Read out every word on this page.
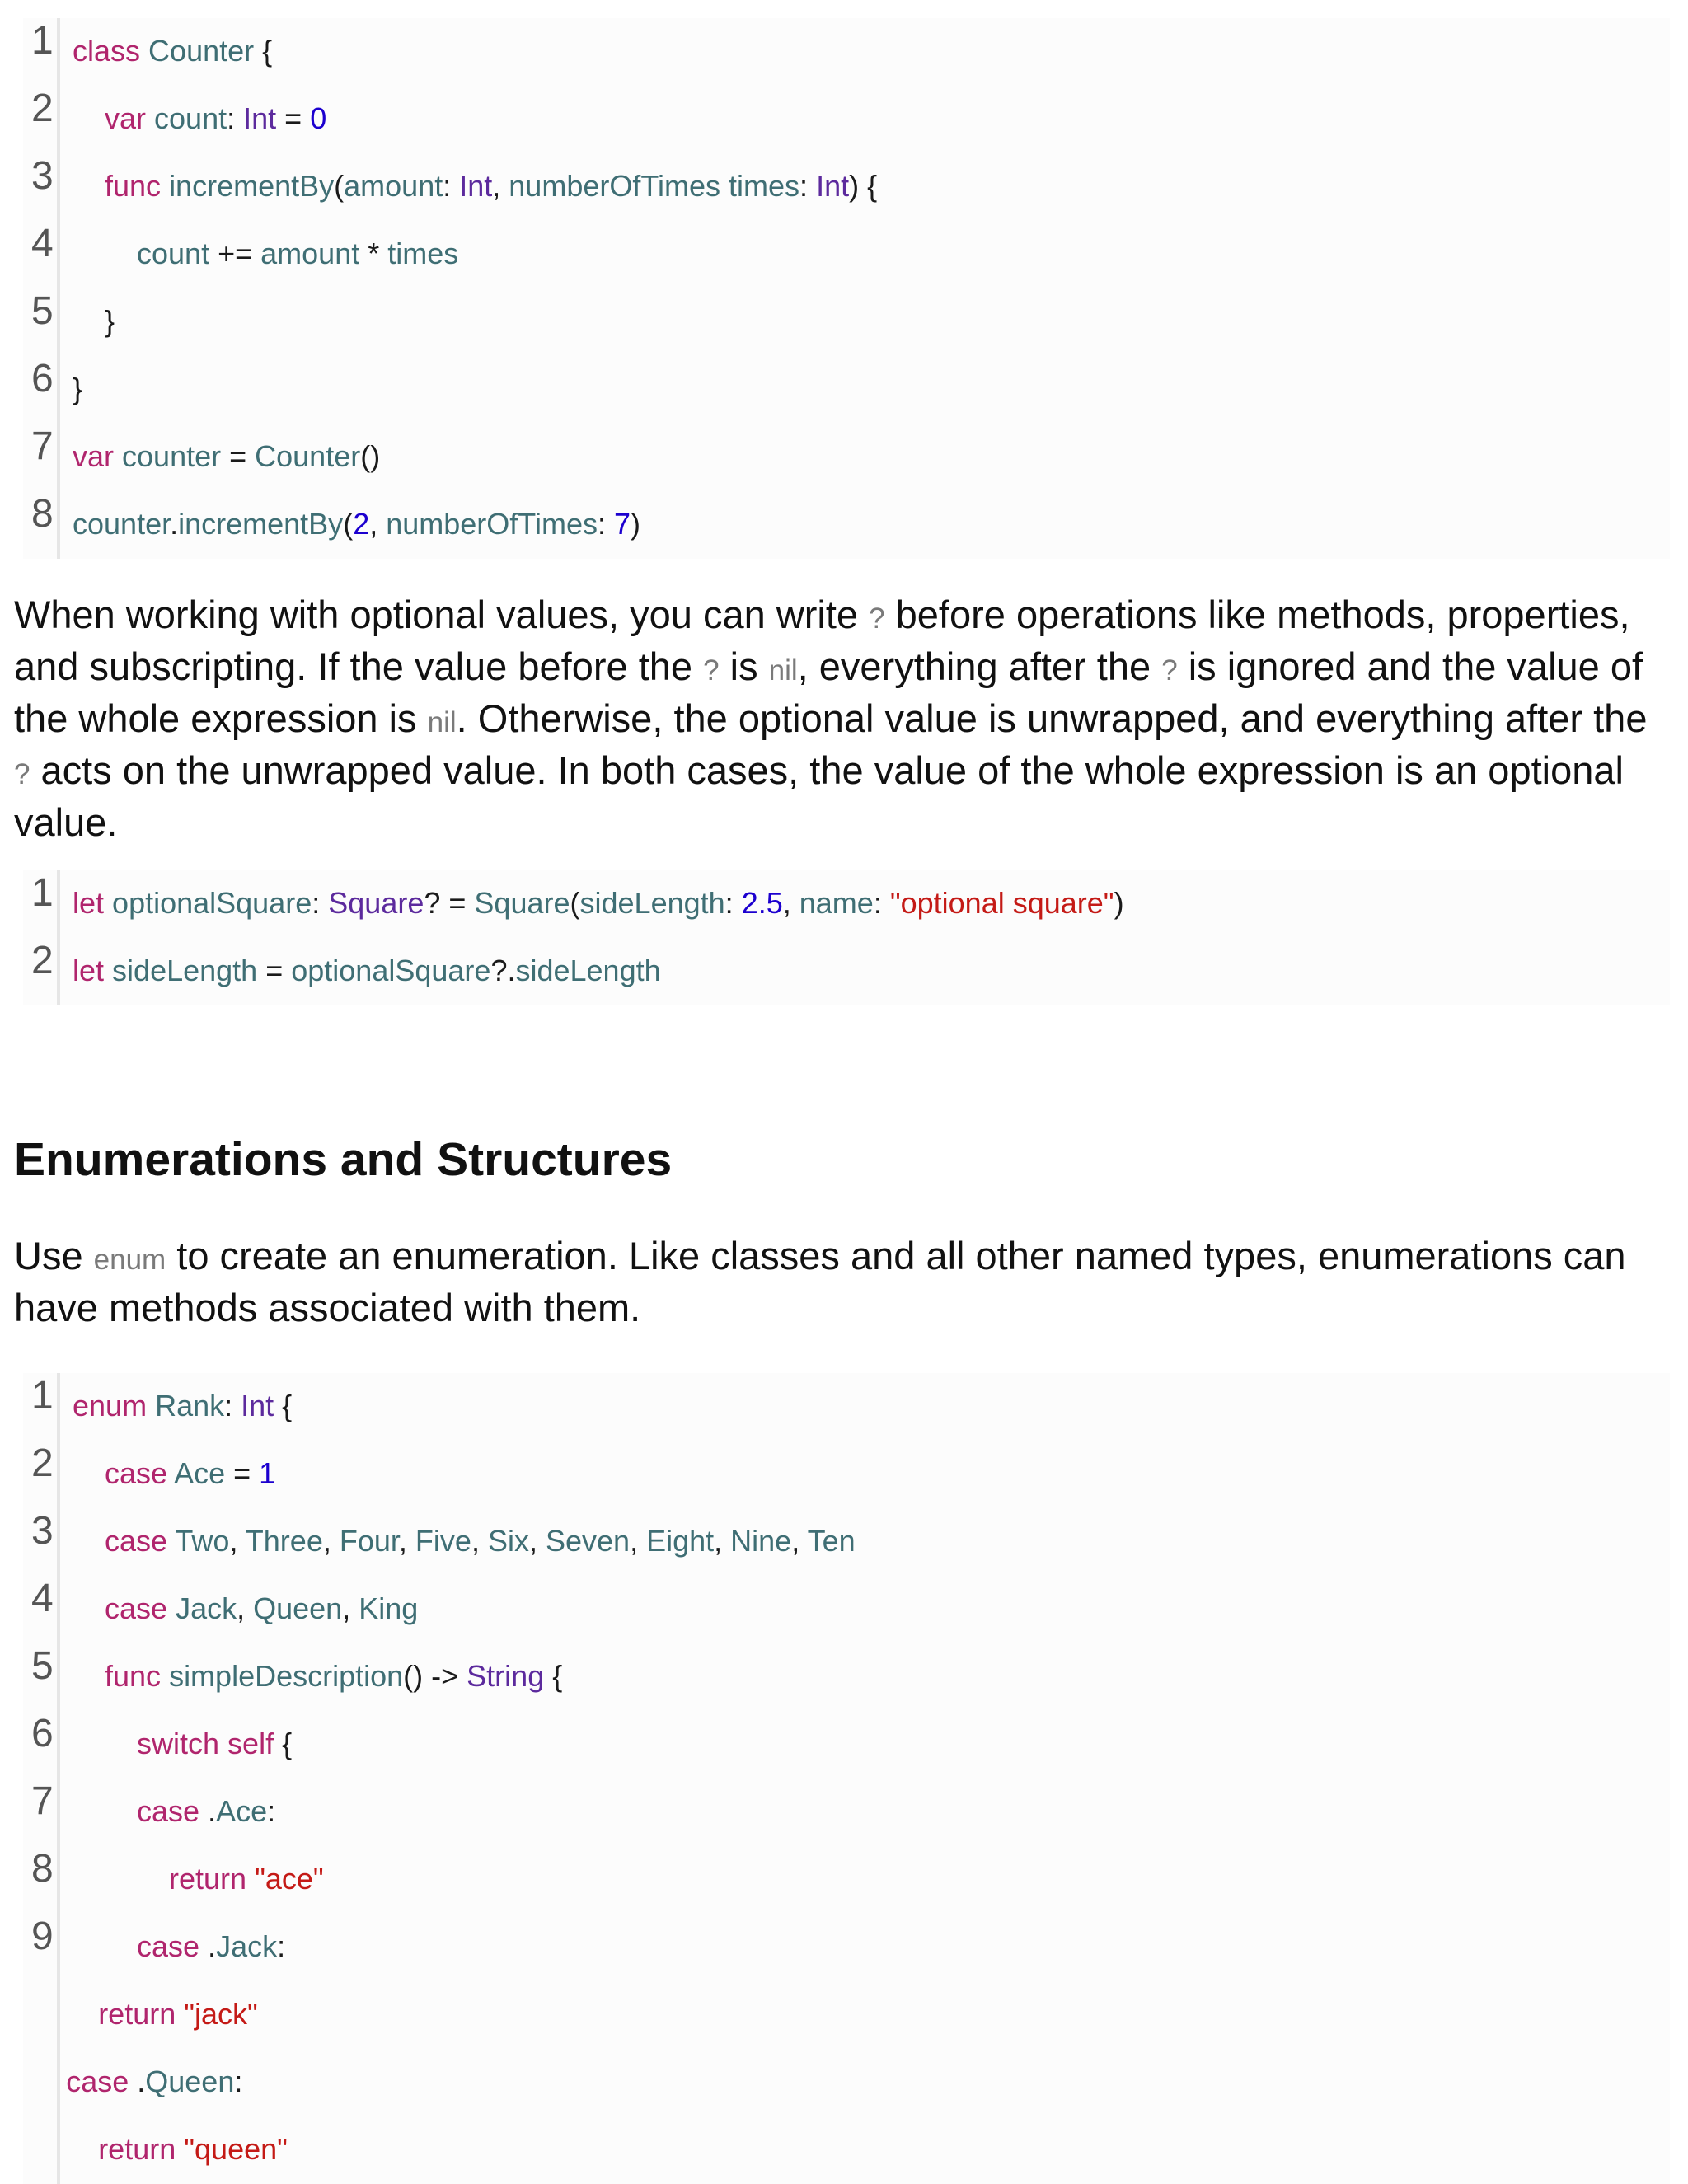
1 class Counter {
2	var count: Int = 0
3	func incrementBy(amount: Int, numberOfTimes times: Int) {
4	count += amount * times
5	}
6 }
7 var counter = Counter()
8 counter.incrementBy(2, numberOfTimes: 7)
When working with optional values, you can write ? before operations like methods, properties, and subscripting. If the value before the ? is nil, everything after the ? is ignored and the value of the whole expression is nil. Otherwise, the optional value is unwrapped, and everything after the ? acts on the unwrapped value. In both cases, the value of the whole expression is an optional value.
1 let optionalSquare: Square? = Square(sideLength: 2.5, name: "optional square")
2 let sideLength = optionalSquare?.sideLength
Enumerations and Structures
Use enum to create an enumeration. Like classes and all other named types, enumerations can have methods associated with them.
1 enum Rank: Int {
2	case Ace = 1
3	case Two, Three, Four, Five, Six, Seven, Eight, Nine, Ten
4	case Jack, Queen, King
5	func simpleDescription() -> String {
6	switch self {
7	case .Ace:
8	return "ace"
9	case .Jack:
return "jack"
case .Queen:
return "queen"
